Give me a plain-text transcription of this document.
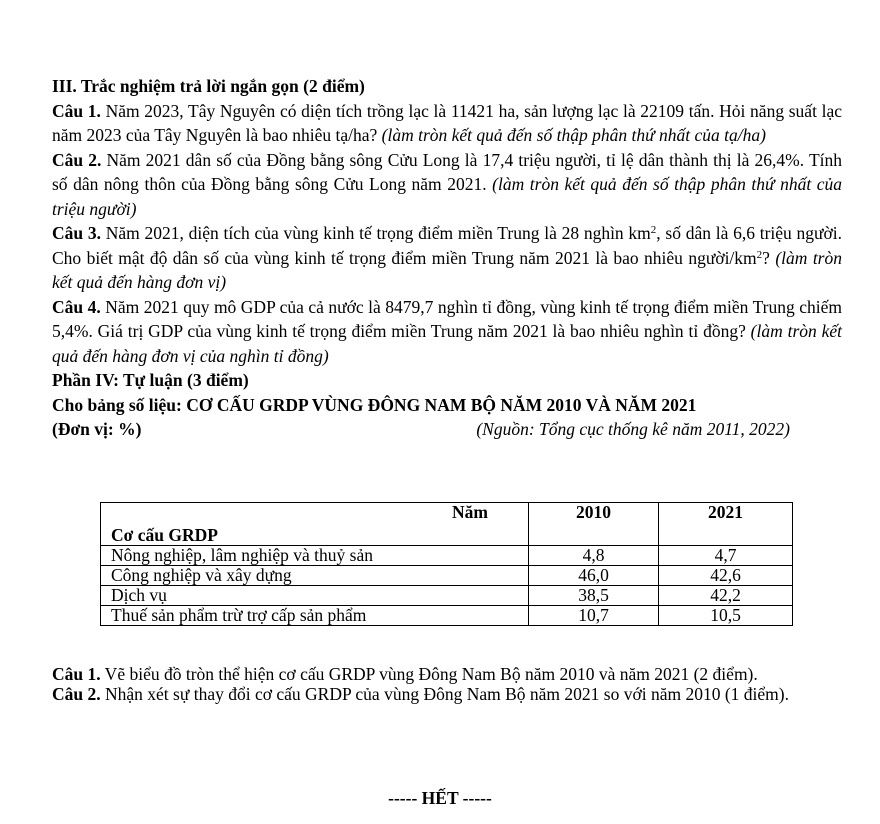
III. Trắc nghiệm trả lời ngắn gọn (2 điểm)

Câu 1. Năm 2023, Tây Nguyên có diện tích trồng lạc là 11421 ha, sản lượng lạc là 22109 tấn. Hỏi năng suất lạc năm 2023 của Tây Nguyên là bao nhiêu tạ/ha? (làm tròn kết quả đến số thập phân thứ nhất của tạ/ha)

Câu 2. Năm 2021 dân số của Đồng bằng sông Cửu Long là 17,4 triệu người, tỉ lệ dân thành thị là 26,4%. Tính số dân nông thôn của Đồng bằng sông Cửu Long năm 2021. (làm tròn kết quả đến số thập phân thứ nhất của triệu người)

Câu 3. Năm 2021, diện tích của vùng kinh tế trọng điểm miền Trung là 28 nghìn $km^2$, số dân là 6,6 triệu người. Cho biết mật độ dân số của vùng kinh tế trọng điểm miền Trung năm 2021 là bao nhiêu người/$km^2$? (làm tròn kết quả đến hàng đơn vị)

Câu 4. Năm 2021 quy mô GDP của cả nước là 8479,7 nghìn tỉ đồng, vùng kinh tế trọng điểm miền Trung chiếm 5,4%. Giá trị GDP của vùng kinh tế trọng điểm miền Trung năm 2021 là bao nhiêu nghìn tỉ đồng? (làm tròn kết quả đến hàng đơn vị của nghìn tỉ đồng)

Phần IV: Tự luận (3 điểm)

Cho bảng số liệu: CƠ CẤU GRDP VÙNG ĐÔNG NAM BỘ NĂM 2010 VÀ NĂM 2021

(Đơn vị: %)	(Nguồn: Tổng cục thống kê năm 2011, 2022)
Năm
Cơ cấu GRDP	2010	2021
Nông nghiệp, lâm nghiệp và thuỷ sản	4,8	4,7
Công nghiệp và xây dựng	46,0	42,6
Dịch vụ	38,5	42,2
Thuế sản phẩm trừ trợ cấp sản phẩm	10,7	10,5

Câu 1. Vẽ biểu đồ tròn thể hiện cơ cấu GRDP vùng Đông Nam Bộ năm 2010 và năm 2021 (2 điểm).

Câu 2. Nhận xét sự thay đổi cơ cấu GRDP của vùng Đông Nam Bộ năm 2021 so với năm 2010 (1 điểm).

----- HẾT -----
